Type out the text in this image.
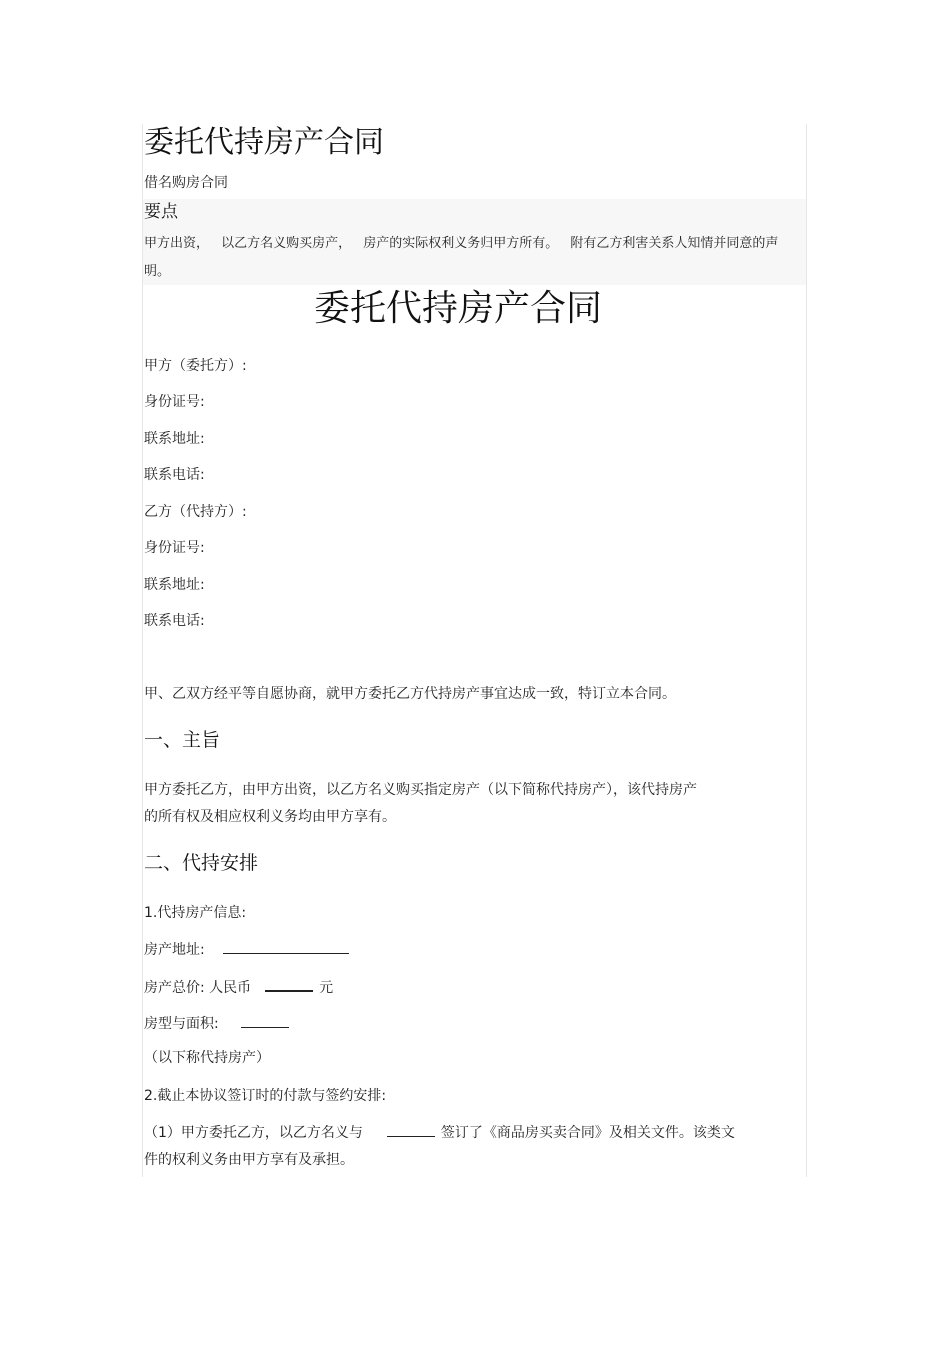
委托代持房产合同
借名购房合同
要点
甲方出资， 以乙方名义购买房产， 房产的实际权利义务归甲方所有。 附有乙方利害关系人知情并同意的声明。
委托代持房产合同
甲方（委托方）:
身份证号:
联系地址:
联系电话:
乙方（代持方）:
身份证号:
联系地址:
联系电话:
甲、乙双方经平等自愿协商，就甲方委托乙方代持房产事宜达成一致，特订立本合同。
一、主旨
甲方委托乙方，由甲方出资，以乙方名义购买指定房产（以下简称代持房产），该代持房产
的所有权及相应权利义务均由甲方享有。
二、代持安排
1.代持房产信息:
房产地址:
房产总价: 人民币	元
房型与面积:
（以下称代持房产）
2.截止本协议签订时的付款与签约安排:
（1）甲方委托乙方，以乙方名义与	签订了《商品房买卖合同》及相关文件。该类文
件的权利义务由甲方享有及承担。
